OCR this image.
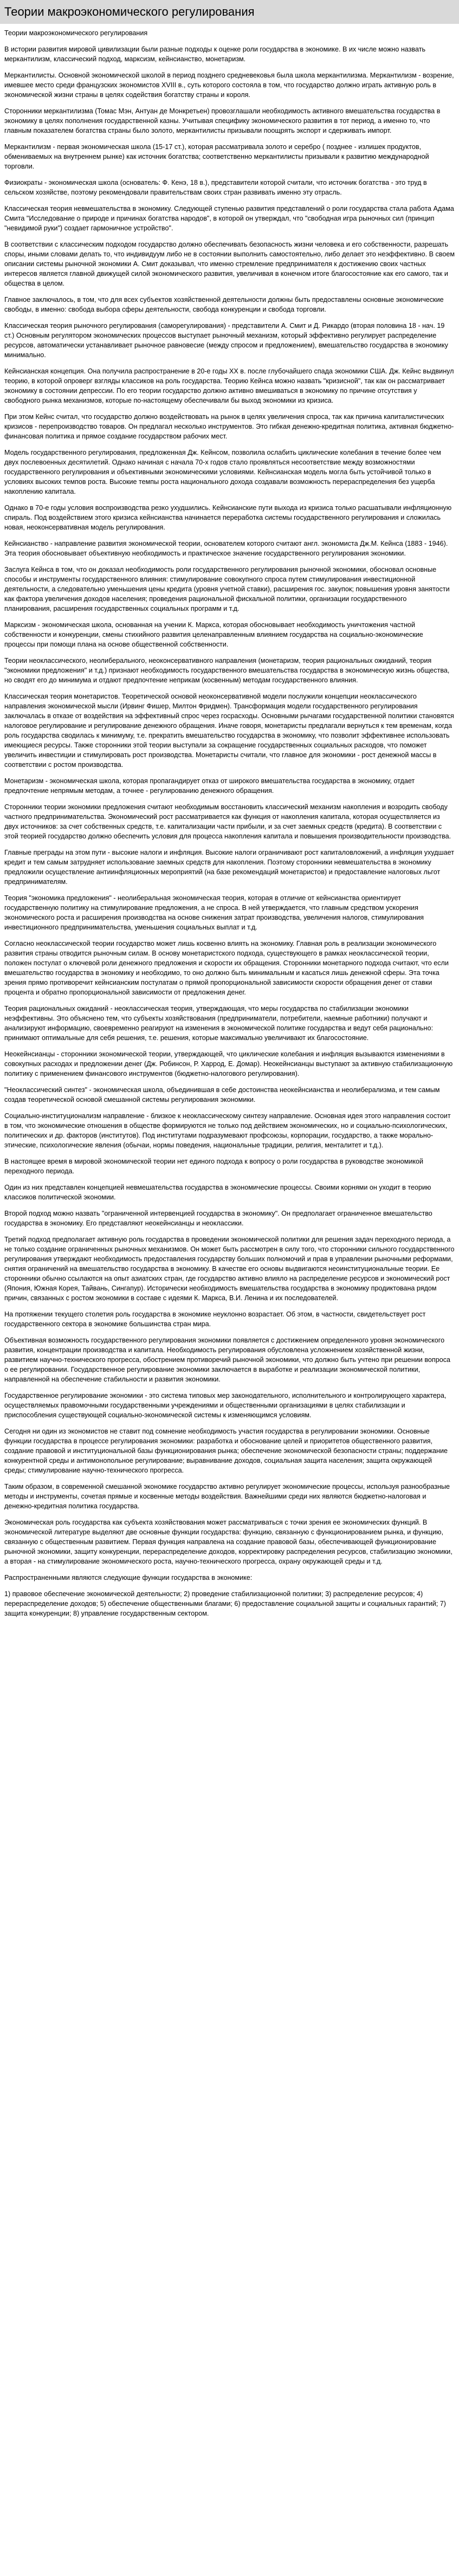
Теории макроэкономического регулирования

Теории макроэкономического регулирования

В истории развития мировой цивилизации были разные подходы к оценке роли государства в экономике. В их числе можно назвать меркантилизм, классический подход, марксизм, кейнсианство, монетаризм.

Меркантилисты. Основной экономической школой в период позднего средневековья была школа меркантилизма. Меркантилизм - возрение, имевшее место среди французских экономистов XVIII в., суть которого состояла в том, что государство должно играть активную роль в экономической жизни страны в целях содействия богатству страны и короля.

Сторонники меркантилизма (Томас Мэн, Антуан де Монкретьен) провозглашали необходимость активного вмешательства государства в экономику в целях пополнения государственной казны. Учитывая специфику экономического развития в тот период, а именно то, что главным показателем богатства страны было золото, меркантилисты призывали поощрять экспорт и сдерживать импорт.

Меркантилизм - первая экономическая школа (15-17 ст.), которая рассматривала золото и серебро ( позднее - излишек продуктов, обмениваемых на внутреннем рынке) как источник богатства; соответственно меркантилисты призывали к развитию международной торговли.

Физиократы - экономическая школа (основатель: Ф. Кенэ, 18 в.), представители которой считали, что источник богатства - это труд в сельском хозяйстве, поэтому рекомендовали правительствам своих стран развивать именно эту отрасль.

Классическая теория невмешательства в экономику. Следующей ступенью развития представлений о роли государства стала работа Адама Смита "Исследование о природе и причинах богатства народов", в которой он утверждал, что "свободная игра рыночных сил (принцип "невидимой руки") создает гармоничное устройство".

В соответствии с классическим подходом государство должно обеспечивать безопасность жизни человека и его собственности, разрешать споры, иными словами делать то, что индивидуум либо не в состоянии выполнить самостоятельно, либо делает это неэффективно. В своем описании системы рыночной экономики А. Смит доказывал, что именно стремление предпринимателя к достижению своих частных интересов является главной движущей силой экономического развития, увеличивая в конечном итоге благосостояние как его самого, так и общества в целом.

Главное заключалось, в том, что для всех субъектов хозяйственной деятельности должны быть предоставлены основные экономические свободы, в именно: свобода выбора сферы деятельности, свобода конкуренции и свобода торговли.

Классическая теория рыночного регулирования (саморегулирования) - представители А. Смит и Д. Рикардо (вторая половина 18 - нач. 19 ст.) Основным регулятором экономических процессов выступает рыночный механизм, который эффективно регулирует распределение ресурсов, автоматически устанавливает рыночное равновесие (между спросом и предложением), вмешательство государства в экономику минимально.

Кейнсианская концепция. Она получила распространение в 20-е годы XX в. после глубочайшего спада экономики США. Дж. Кейнс выдвинул теорию, в которой опроверг взгляды классиков на роль государства. Теорию Кейнса можно назвать "кризисной", так как он рассматривает экономику в состоянии депрессии. По его теории государство должно активно вмешиваться в экономику по причине отсутствия у свободного рынка механизмов, которые по-настоящему обеспечивали бы выход экономики из кризиса.

При этом Кейнс считал, что государство должно воздействовать на рынок в целях увеличения спроса, так как причина капиталистических кризисов - перепроизводство товаров. Он предлагал несколько инструментов. Это гибкая денежно-кредитная политика, активная бюджетно-финансовая политика и прямое создание государством рабочих мест.

Модель государственного регулирования, предложенная Дж. Кейнсом, позволила ослабить циклические колебания в течение более чем двух послевоенных десятилетий. Однако начиная с начала 70-х годов стало проявляться несоответствие между возможностями государственного регулирования и объективными экономическими условиями. Кейнсианская модель могла быть устойчивой только в условиях высоких темпов роста. Высокие темпы роста национального дохода создавали возможность перераспределения без ущерба накоплению капитала.

Однако в 70-е годы условия воспроизводства резко ухудшились. Кейнсианские пути выхода из кризиса только расшатывали инфляционную спираль. Под воздействием этого кризиса кейнсианства начинается переработка системы государственного регулирования и сложилась новая, неоконсервативная модель регулирования.

Кейнсианство - направление развития экономической теории, основателем которого считают англ. экономиста Дж.М. Кейнса (1883 - 1946). Эта теория обосновывает объективную необходимость и практическое значение государственного регулирования экономики.

Заслуга Кейнса в том, что он доказал необходимость роли государственного регулирования рыночной экономики, обосновал основные способы и инструменты государственного влияния: стимулирование совокупного спроса путем стимулирования инвестиционной деятельности, а следовательно уменьшения цены кредита (уровня учетной ставки), расширения гос. закупок; повышения уровня занятости как фактора увеличения доходов населения; проведения рациональной фискальной политики, организации государственного планирования, расширения государственных социальных программ и т.д.

Марксизм - экономическая школа, основанная на учении К. Маркса, которая обосновывает необходимость уничтожения частной собственности и конкуренции, смены стихийного развития целенаправленным влиянием государства на социально-экономические процессы при помощи плана на основе общественной собственности.

Теории неоклассического, неолиберального, неоконсервативного направления (монетаризм, теория рациональных ожиданий, теория "экономики предложения" и т.д.) признают необходимость государственного вмешательства государства в экономическую жизнь общества, но сводят его до минимума и отдают предпочтение неприкам (косвенным) методам государственного влияния.

Классическая теория монетаристов. Теоретической основой неоконсервативной модели послужили концепции неоклассического направления экономической мысли (Ирвинг Фишер, Милтон Фридмен). Трансформация модели государственного регулирования заключалась в отказе от воздействия на эффективный спрос через госрасходы. Основными рычагами государственной политики становятся налоговое регулирование и регулирование денежного обращения. Иначе говоря, монетаристы предлагали вернуться к тем временам, когда роль государства сводилась к минимуму, т.е. прекратить вмешательство государства в экономику, что позволит эффективнее использовать имеющиеся ресурсы. Также сторонники этой теории выступали за сокращение государственных социальных расходов, что поможет увеличить инвестиции и стимулировать рост производства. Монетаристы считали, что главное для экономики - рост денежной массы в соответствии с ростом производства.

Монетаризм - экономическая школа, которая пропагандирует отказ от широкого вмешательства государства в экономику, отдает предпочтение непрямым методам, а точнее - регулированию денежного обращения.

Сторонники теории экономики предложения считают необходимым восстановить классический механизм накопления и возродить свободу частного предпринимательства. Экономический рост рассматривается как функция от накопления капитала, которая осуществляется из двух источников: за счет собственных средств, т.е. капитализации части прибыли, и за счет заемных средств (кредита). В соответствии с этой теорией государство должно обеспечить условия для процесса накопления капитала и повышения производительности производства.

Главные преграды на этом пути - высокие налоги и инфляция. Высокие налоги ограничивают рост капиталовложений, а инфляция ухудшает кредит и тем самым затрудняет использование заемных средств для накопления. Поэтому сторонники невмешательства в экономику предложили осуществление антиинфляционных мероприятий (на базе рекомендаций монетаристов) и предоставление налоговых льгот предпринимателям.

Теория "экономика предложения" - неолиберальная экономическая теория, которая в отличие от кейнсианства ориентирует государственную политику на стимулирование предложения, а не спроса. В ней утверждается, что главным средством ускорения экономического роста и расширения производства на основе снижения затрат производства, увеличения налогов, стимулирования инвестиционного предпринимательства, уменьшения социальных выплат и т.д.

Согласно неоклассической теории государство может лишь косвенно влиять на экономику. Главная роль в реализации экономического развития страны отводится рыночным силам. В основу монетаристского подхода, существующего в рамках неоклассической теории, положен постулат о ключевой роли денежного предложения и скорости их обращения. Сторонники монетарного подхода считают, что если вмешательство государства в экономику и необходимо, то оно должно быть минимальным и касаться лишь денежной сферы. Эта точка зрения прямо противоречит кейнсианским постулатам о прямой пропорциональной зависимости скорости обращения денег от ставки процента и обратно пропорциональной зависимости от предложения денег.

Теория рациональных ожиданий - неоклассическая теория, утверждающая, что меры государства по стабилизации экономики неэффективны. Это объяснено тем, что субъекты хозяйствования (предприниматели, потребители, наемные работники) получают и анализируют информацию, своевременно реагируют на изменения в экономической политике государства и ведут себя рационально: принимают оптимальные для себя решения, т.е. решения, которые максимально увеличивают их благосостояние.

Неокейнсианцы - сторонники экономической теории, утверждающей, что циклические колебания и инфляция вызываются изменениями в совокупных расходах и предложении денег (Дж. Робинсон, Р. Харрод, Е. Домар). Неокейнсианцы выступают за активную стабилизационную политику с применением финансового инструментов (бюджетно-налогового регулирования).

"Неоклассический синтез" - экономическая школа, объединившая в себе достоинства неокейнсианства и неолиберализма, и тем самым создав теоретической основой смешанной системы регулирования экономики.

Социально-институционализм направление - близкое к неоклассическому синтезу направление. Основная идея этого направления состоит в том, что экономические отношения в обществе формируются не только под действием экономических, но и социально-психологических, политических и др. факторов (институтов). Под институтами подразумевают профсоюзы, корпорации, государство, а также морально-этические, психологические явления (обычаи, нормы поведения, национальные традиции, религия, менталитет и т.д.).

В настоящее время в мировой экономической теории нет единого подхода к вопросу о роли государства в руководстве экономикой переходного периода.

Один из них представлен концепцией невмешательства государства в экономические процессы. Своими корнями он уходит в теорию классиков политической экономии.

Второй подход можно назвать "ограниченной интервенцией государства в экономику". Он предполагает ограниченное вмешательство государства в экономику. Его представляют неокейнсианцы и неоклассики.

Третий подход предполагает активную роль государства в проведении экономической политики для решения задач переходного периода, а не только создание ограниченных рыночных механизмов. Он может быть рассмотрен в силу того, что сторонники сильного государственного регулирования утверждают необходимость предоставления государству больших полномочий и прав в управлении рыночными реформами, снятия ограничений на вмешательство государства в экономику. В качестве его основы выдвигаются неоинституциональные теории. Ее сторонники обычно ссылаются на опыт азиатских стран, где государство активно влияло на распределение ресурсов и экономический рост (Япония, Южная Корея, Тайвань, Сингапур). Исторически необходимость вмешательства государства в экономику продиктована рядом причин, связанных с ростом экономики в составе с идеями К. Маркса, В.И. Ленина и их последователей.

На протяжении текущего столетия роль государства в экономике неуклонно возрастает. Об этом, в частности, свидетельствует рост государственного сектора в экономике большинства стран мира.

Объективная возможность государственного регулирования экономики появляется с достижением определенного уровня экономического развития, концентрации производства и капитала. Необходимость регулирования обусловлена усложнением хозяйственной жизни, развитием научно-технического прогресса, обострением противоречий рыночной экономики, что должно быть учтено при решении вопроса о ее регулировании. Государственное регулирование экономики заключается в выработке и реализации экономической политики, направленной на обеспечение стабильности и развития экономики.

Государственное регулирование экономики - это система типовых мер законодательного, исполнительного и контролирующего характера, осуществляемых правомочными государственными учреждениями и общественными организациями в целях стабилизации и приспособления существующей социально-экономической системы к изменяющимся условиям.

Сегодня ни один из экономистов не ставит под сомнение необходимость участия государства в регулировании экономики. Основные функции государства в процессе регулирования экономики: разработка и обоснование целей и приоритетов общественного развития, создание правовой и институциональной базы функционирования рынка; обеспечение экономической безопасности страны; поддержание конкурентной среды и антимонопольное регулирование; выравнивание доходов, социальная защита населения; защита окружающей среды; стимулирование научно-технического прогресса.

Таким образом, в современной смешанной экономике государство активно регулирует экономические процессы, используя разнообразные методы и инструменты, сочетая прямые и косвенные методы воздействия. Важнейшими среди них являются бюджетно-налоговая и денежно-кредитная политика государства.

Экономическая роль государства как субъекта хозяйствования может рассматриваться с точки зрения ее экономических функций. В экономической литературе выделяют две основные функции государства: функцию, связанную с функционированием рынка, и функцию, связанную с общественным развитием. Первая функция направлена на создание правовой базы, обеспечивающей функционирование рыночной экономики, защиту конкуренции, перераспределение доходов, корректировку распределения ресурсов, стабилизацию экономики, а вторая - на стимулирование экономического роста, научно-технического прогресса, охрану окружающей среды и т.д.

Распространенными являются следующие функции государства в экономике:

1) правовое обеспечение экономической деятельности; 2) проведение стабилизационной политики; 3) распределение ресурсов; 4) перераспределение доходов; 5) обеспечение общественными благами; 6) предоставление социальной защиты и социальных гарантий; 7) защита конкуренции; 8) управление государственным сектором.
